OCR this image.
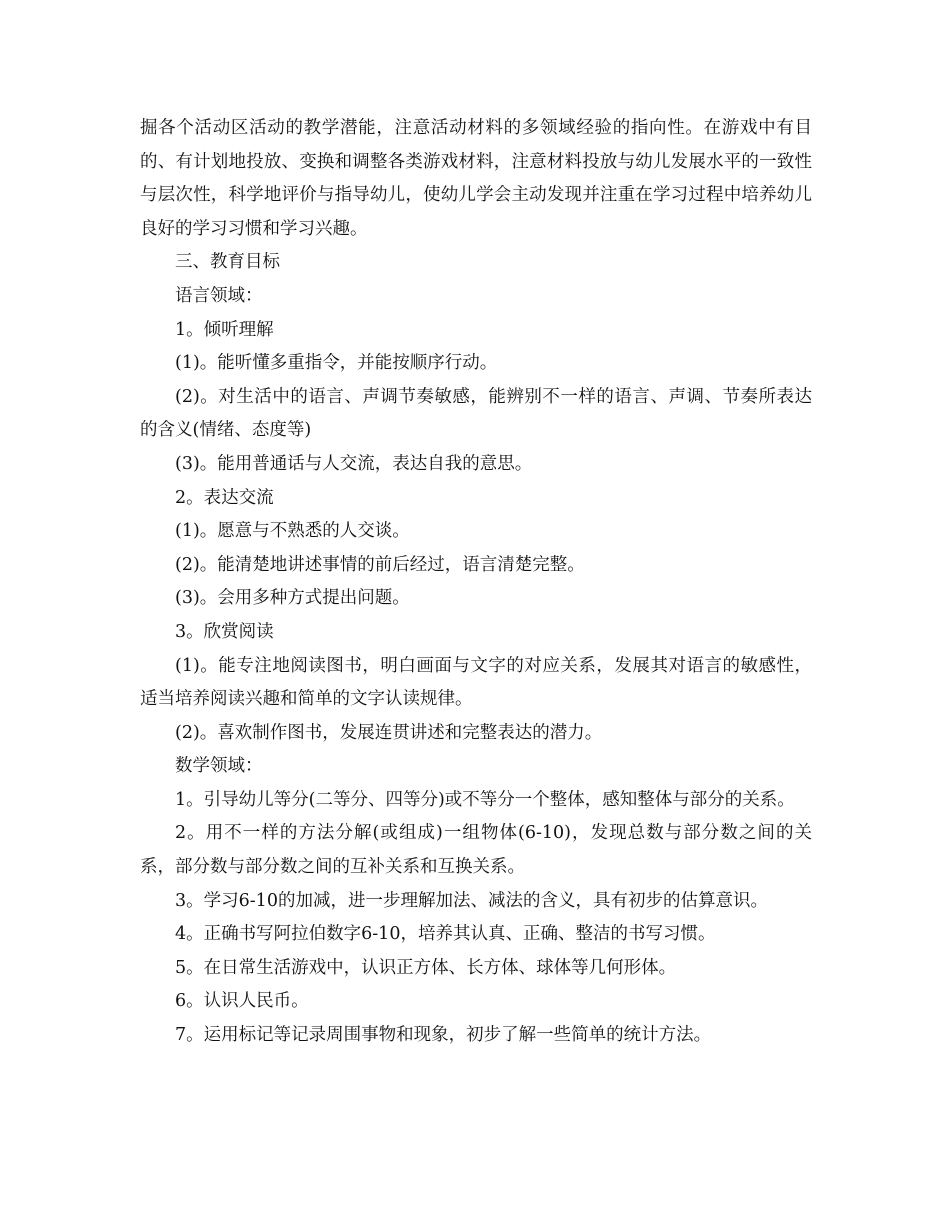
掘各个活动区活动的教学潜能，注意活动材料的多领域经验的指向性。在游戏中有目的、有计划地投放、变换和调整各类游戏材料，注意材料投放与幼儿发展水平的一致性与层次性，科学地评价与指导幼儿，使幼儿学会主动发现并注重在学习过程中培养幼儿良好的学习习惯和学习兴趣。

三、教育目标

语言领域：

1。倾听理解

(1)。能听懂多重指令，并能按顺序行动。

(2)。对生活中的语言、声调节奏敏感，能辨别不一样的语言、声调、节奏所表达的含义(情绪、态度等)

(3)。能用普通话与人交流，表达自我的意思。

2。表达交流

(1)。愿意与不熟悉的人交谈。

(2)。能清楚地讲述事情的前后经过，语言清楚完整。

(3)。会用多种方式提出问题。

3。欣赏阅读

(1)。能专注地阅读图书，明白画面与文字的对应关系，发展其对语言的敏感性，适当培养阅读兴趣和简单的文字认读规律。

(2)。喜欢制作图书，发展连贯讲述和完整表达的潜力。

数学领域：

1。引导幼儿等分(二等分、四等分)或不等分一个整体，感知整体与部分的关系。

2。用不一样的方法分解(或组成)一组物体(6-10)，发现总数与部分数之间的关系，部分数与部分数之间的互补关系和互换关系。

3。学习6-10的加减，进一步理解加法、减法的含义，具有初步的估算意识。

4。正确书写阿拉伯数字6-10，培养其认真、正确、整洁的书写习惯。

5。在日常生活游戏中，认识正方体、长方体、球体等几何形体。

6。认识人民币。

7。运用标记等记录周围事物和现象，初步了解一些简单的统计方法。
